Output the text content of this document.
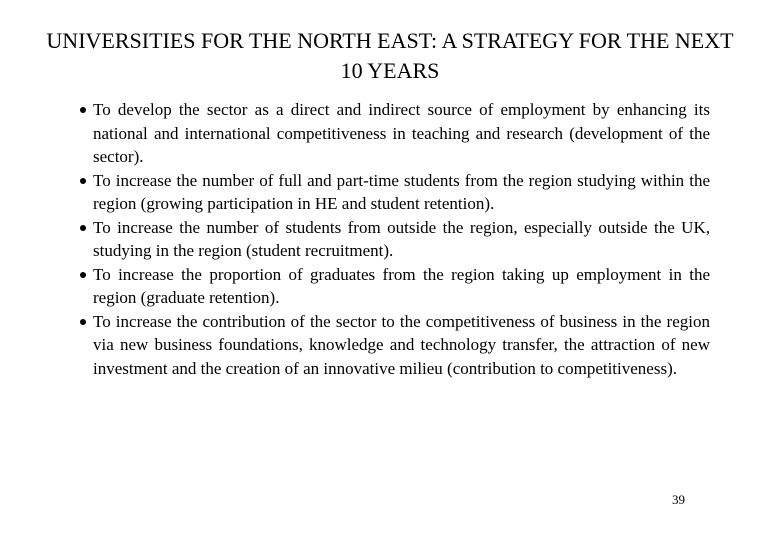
UNIVERSITIES FOR THE NORTH EAST: A STRATEGY FOR THE NEXT 10 YEARS
To develop the sector as a direct and indirect source of employment by enhancing its national and international competitiveness in teaching and research (development of the sector).
To increase the number of full and part-time students from the region studying within the region (growing participation in HE and student retention).
To increase the number of students from outside the region, especially outside the UK, studying in the region (student recruitment).
To increase the proportion of graduates from the region taking up employment in the region (graduate retention).
To increase the contribution of the sector to the competitiveness of business in the region via new business foundations, knowledge and technology transfer, the attraction of new investment and the creation of an innovative milieu (contribution to competitiveness).
39
